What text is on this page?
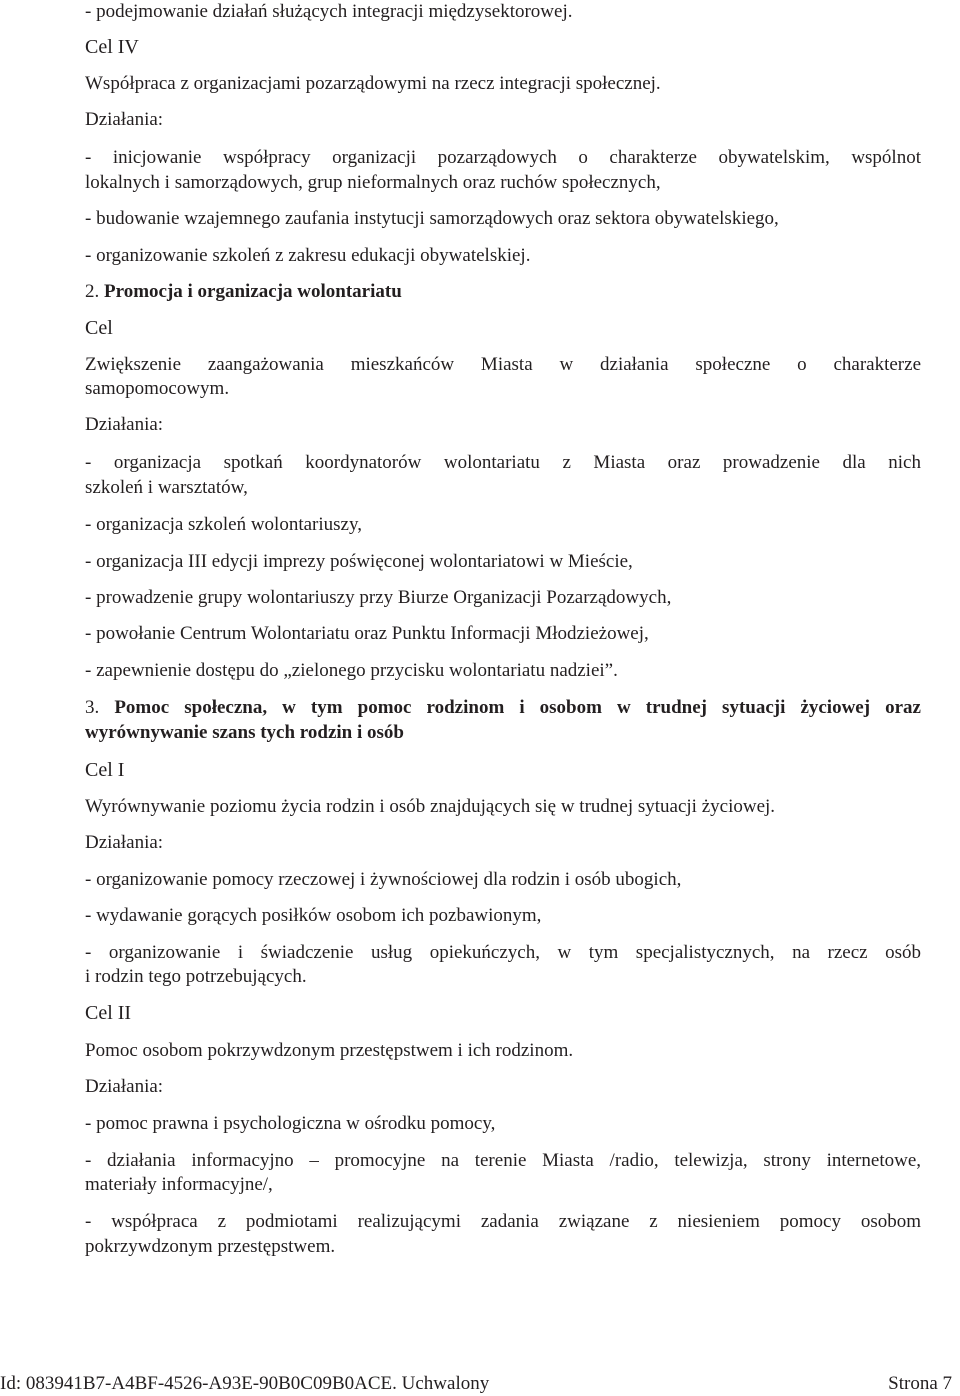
- podejmowanie działań służących integracji międzysektorowej.

Cel IV

Współpraca z organizacjami pozarządowymi na rzecz integracji społecznej.

Działania:

- inicjowanie współpracy organizacji pozarządowych o charakterze obywatelskim, wspólnot

lokalnych i samorządowych, grup nieformalnych oraz ruchów społecznych,

- budowanie wzajemnego zaufania instytucji samorządowych oraz sektora obywatelskiego,

- organizowanie szkoleń z zakresu edukacji obywatelskiej.

2. Promocja i organizacja wolontariatu

Cel

Zwiększenie zaangażowania mieszkańców Miasta w działania społeczne o charakterze

samopomocowym.

Działania:

- organizacja spotkań koordynatorów wolontariatu z Miasta oraz prowadzenie dla nich

szkoleń i warsztatów,

- organizacja szkoleń wolontariuszy,

- organizacja III edycji imprezy poświęconej wolontariatowi w Mieście,

- prowadzenie grupy wolontariuszy przy Biurze Organizacji Pozarządowych,

- powołanie Centrum Wolontariatu oraz Punktu Informacji Młodzieżowej,

- zapewnienie dostępu do „zielonego przycisku wolontariatu nadziei”.

3. Pomoc społeczna, w tym pomoc rodzinom i osobom w trudnej sytuacji życiowej oraz

wyrównywanie szans tych rodzin i osób

Cel I

Wyrównywanie poziomu życia rodzin i osób znajdujących się w trudnej sytuacji życiowej.

Działania:

- organizowanie pomocy rzeczowej i żywnościowej dla rodzin i osób ubogich,

- wydawanie gorących posiłków osobom ich pozbawionym,

- organizowanie i świadczenie usług opiekuńczych, w tym specjalistycznych, na rzecz osób

i rodzin tego potrzebujących.

Cel II

Pomoc osobom pokrzywdzonym przestępstwem i ich rodzinom.

Działania:

- pomoc prawna i psychologiczna w ośrodku pomocy,

- działania informacyjno – promocyjne na terenie Miasta /radio, telewizja, strony internetowe,

materiały informacyjne/,

- współpraca z podmiotami realizującymi zadania związane z niesieniem pomocy osobom

pokrzywdzonym przestępstwem.

Id: 083941B7-A4BF-4526-A93E-90B0C09B0ACE. Uchwalony	Strona 7
